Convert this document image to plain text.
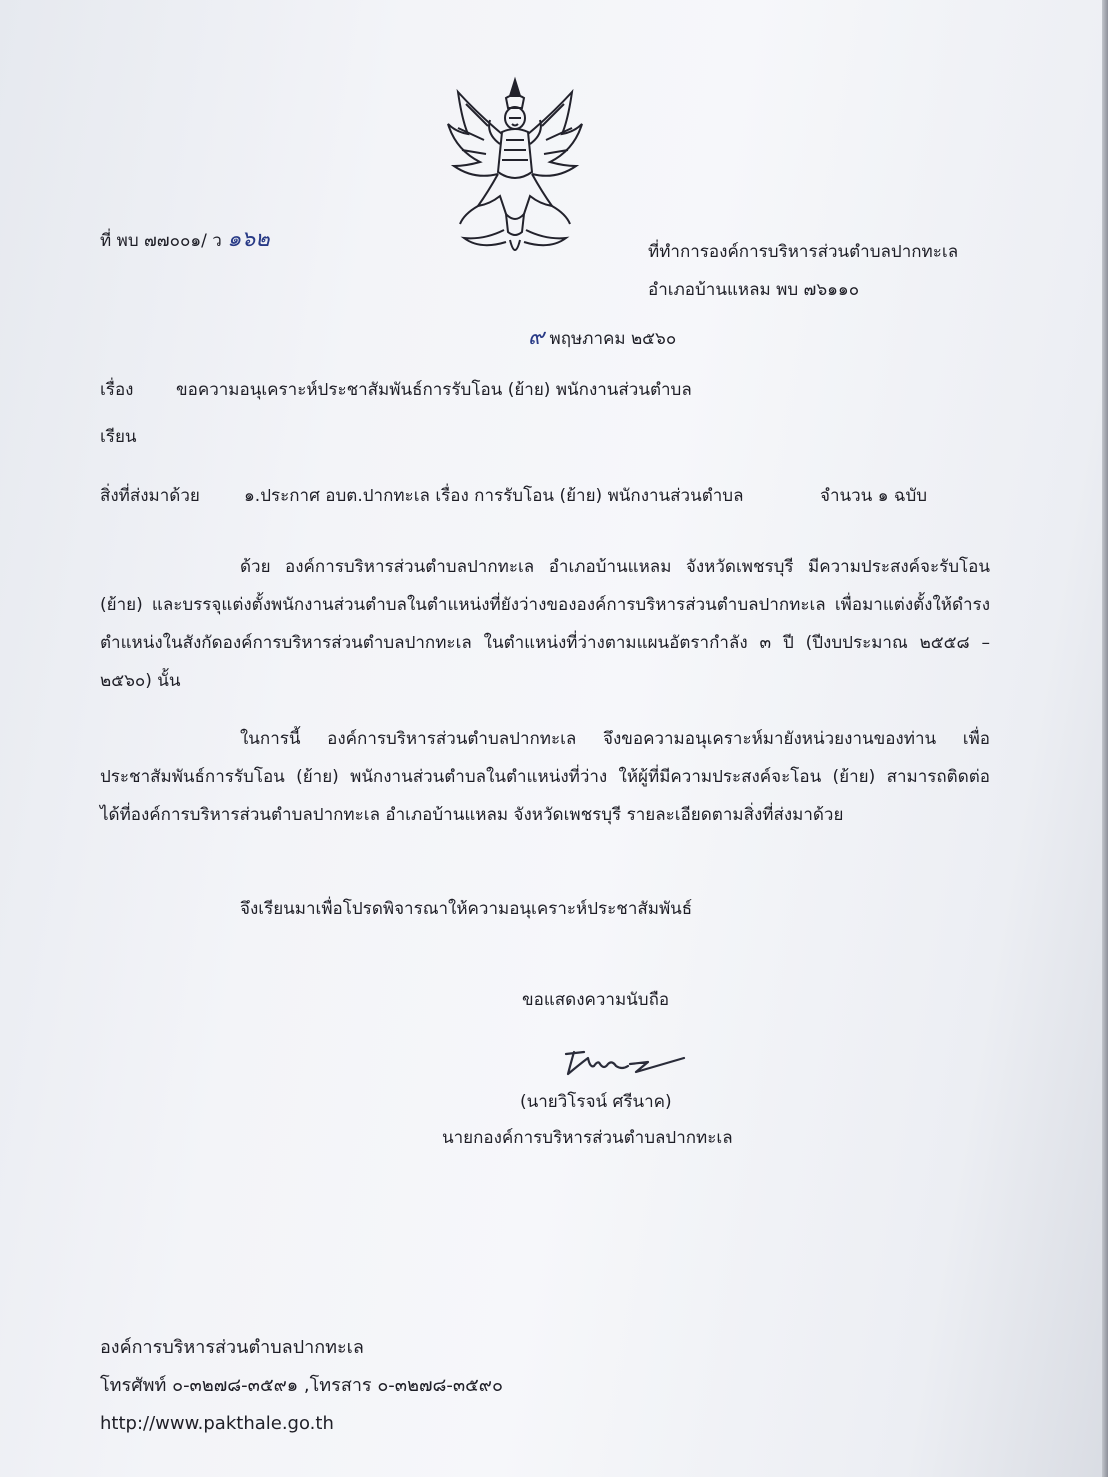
ที่ พบ ๗๗๐๐๑/ ว ๑๖๒	ที่ทำการองค์การบริหารส่วนตำบลปากทะเล
อำเภอบ้านแหลม พบ ๗๖๑๑๐
๙ พฤษภาคม ๒๕๖๐
เรื่อง	ขอความอนุเคราะห์ประชาสัมพันธ์การรับโอน (ย้าย) พนักงานส่วนตำบล
เรียน
สิ่งที่ส่งมาด้วย	๑.ประกาศ อบต.ปากทะเล เรื่อง การรับโอน (ย้าย) พนักงานส่วนตำบล	จำนวน ๑ ฉบับ

ด้วย องค์การบริหารส่วนตำบลปากทะเล อำเภอบ้านแหลม จังหวัดเพชรบุรี มีความประสงค์จะรับโอน (ย้าย) และบรรจุแต่งตั้งพนักงานส่วนตำบลในตำแหน่งที่ยังว่างขององค์การบริหารส่วนตำบลปากทะเล เพื่อมาแต่งตั้งให้ดำรงตำแหน่งในสังกัดองค์การบริหารส่วนตำบลปากทะเล ในตำแหน่งที่ว่างตามแผนอัตรากำลัง ๓ ปี (ปีงบประมาณ ๒๕๕๘ – ๒๕๖๐) นั้น

ในการนี้ องค์การบริหารส่วนตำบลปากทะเล จึงขอความอนุเคราะห์มายังหน่วยงานของท่าน เพื่อประชาสัมพันธ์การรับโอน (ย้าย) พนักงานส่วนตำบลในตำแหน่งที่ว่าง ให้ผู้ที่มีความประสงค์จะโอน (ย้าย) สามารถติดต่อได้ที่องค์การบริหารส่วนตำบลปากทะเล อำเภอบ้านแหลม จังหวัดเพชรบุรี รายละเอียดตามสิ่งที่ส่งมาด้วย

จึงเรียนมาเพื่อโปรดพิจารณาให้ความอนุเคราะห์ประชาสัมพันธ์
ขอแสดงความนับถือ
(นายวิโรจน์ ศรีนาค)
นายกองค์การบริหารส่วนตำบลปากทะเล
องค์การบริหารส่วนตำบลปากทะเล
โทรศัพท์ ๐-๓๒๗๘-๓๕๙๑ ,โทรสาร ๐-๓๒๗๘-๓๕๙๐
http://www.pakthale.go.th
